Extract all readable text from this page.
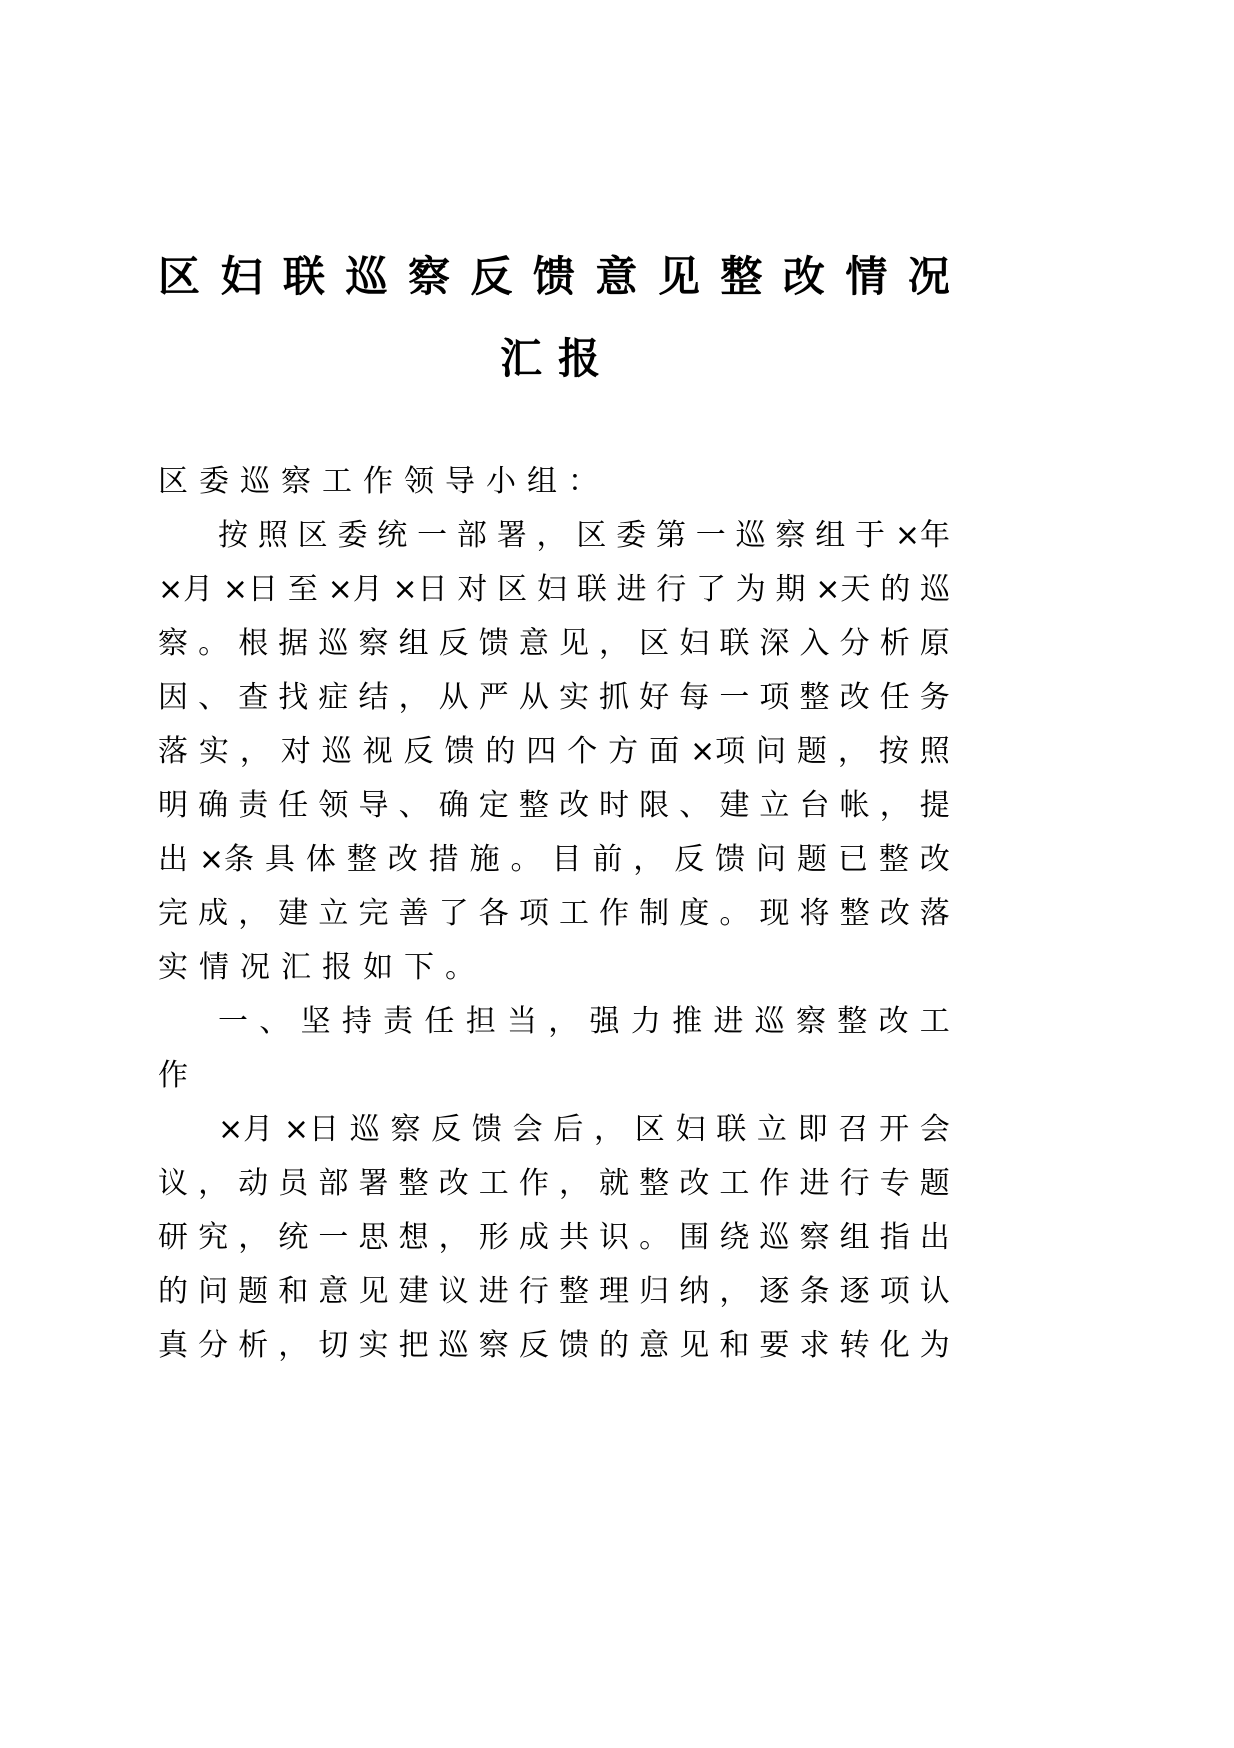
区 妇 联 巡 察 反 馈 意 见 整 改 情 况
汇 报
区委巡察工作领导小组：
按 照 区 委 统 一 部 署 ， 区 委 第 一 巡 察 组 于 ×年
×月 ×日 至 ×月 ×日 对 区 妇 联 进 行 了 为 期 ×天 的 巡
察 。 根 据 巡 察 组 反 馈 意 见 ， 区 妇 联 深 入 分 析 原
因 、 查 找 症 结 ， 从 严 从 实 抓 好 每 一 项 整 改 任 务
落 实 ， 对 巡 视 反 馈 的 四 个 方 面 ×项 问 题 ， 按 照
明 确 责 任 领 导 、 确 定 整 改 时 限 、 建 立 台 帐 ， 提
出 ×条 具 体 整 改 措 施 。 目 前 ， 反 馈 问 题 已 整 改
完 成 ， 建 立 完 善 了 各 项 工 作 制 度 。 现 将 整 改 落
实情况汇报如下。
一 、 坚 持 责 任 担 当 ， 强 力 推 进 巡 察 整 改 工
作
×月 ×日 巡 察 反 馈 会 后 ， 区 妇 联 立 即 召 开 会
议 ， 动 员 部 署 整 改 工 作 ， 就 整 改 工 作 进 行 专 题
研 究 ， 统 一 思 想 ， 形 成 共 识 。 围 绕 巡 察 组 指 出
的 问 题 和 意 见 建 议 进 行 整 理 归 纳 ， 逐 条 逐 项 认
真 分 析 ， 切 实 把 巡 察 反 馈 的 意 见 和 要 求 转 化 为
